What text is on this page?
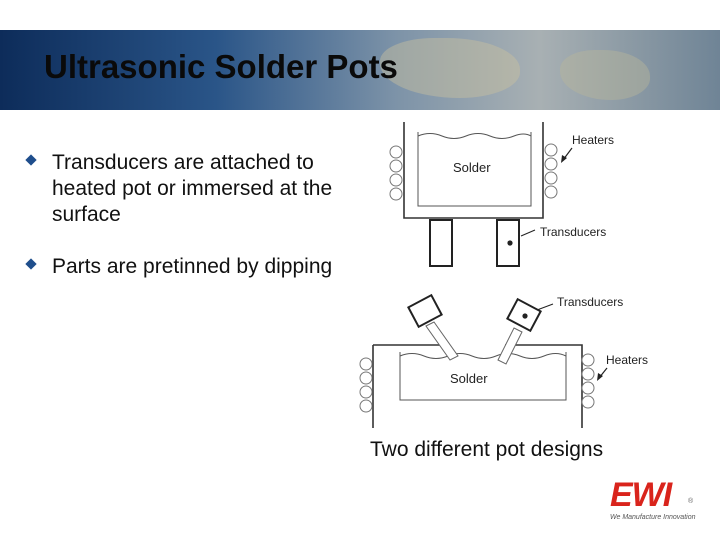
Ultrasonic Solder Pots
Transducers are attached to heated pot or immersed at the surface
Parts are pretinned by dipping
Solder
Heaters
Transducers
Solder
Heaters
Transducers
Two different pot designs
EWI	®
We Manufacture Innovation
